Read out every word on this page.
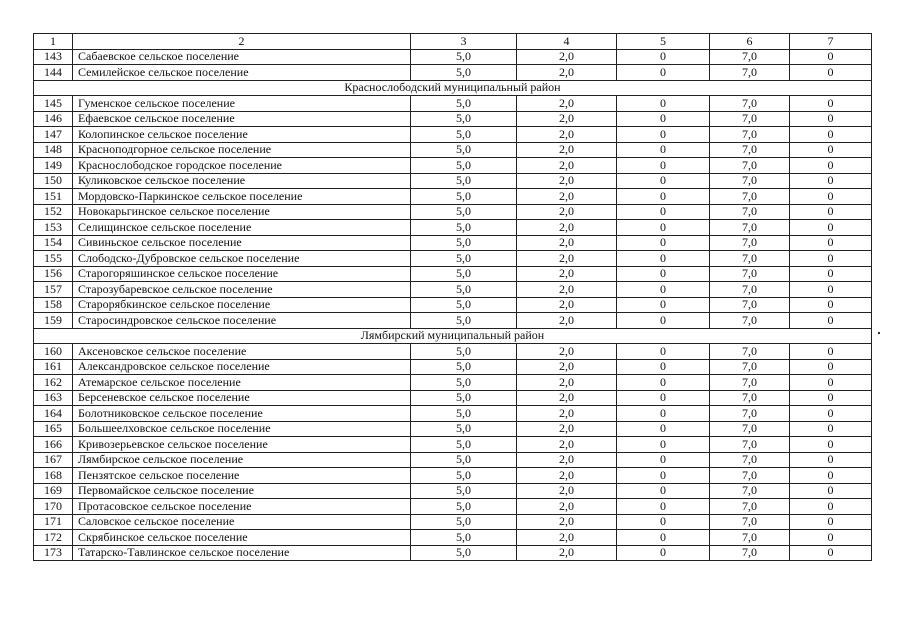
1	2	3	4	5	6	7
143	Сабаевское сельское поселение	5,0	2,0	0	7,0	0
144	Семилейское сельское поселение	5,0	2,0	0	7,0	0
Краснослободский муниципальный район						
145	Гуменское сельское поселение	5,0	2,0	0	7,0	0
146	Ефаевское сельское поселение	5,0	2,0	0	7,0	0
147	Колопинское сельское поселение	5,0	2,0	0	7,0	0
148	Красноподгорное сельское поселение	5,0	2,0	0	7,0	0
149	Краснослободское городское поселение	5,0	2,0	0	7,0	0
150	Куликовское сельское поселение	5,0	2,0	0	7,0	0
151	Мордовско-Паркинское сельское поселение	5,0	2,0	0	7,0	0
152	Новокарьгинское сельское поселение	5,0	2,0	0	7,0	0
153	Селищинское сельское поселение	5,0	2,0	0	7,0	0
154	Сивиньское сельское поселение	5,0	2,0	0	7,0	0
155	Слободско-Дубровское сельское поселение	5,0	2,0	0	7,0	0
156	Старогоряшинское сельское поселение	5,0	2,0	0	7,0	0
157	Старозубаревское сельское поселение	5,0	2,0	0	7,0	0
158	Старорябкинское сельское поселение	5,0	2,0	0	7,0	0
159	Старосиндровское сельское поселение	5,0	2,0	0	7,0	0
Лямбирский муниципальный район						
160	Аксеновское сельское поселение	5,0	2,0	0	7,0	0
161	Александровское сельское поселение	5,0	2,0	0	7,0	0
162	Атемарское сельское поселение	5,0	2,0	0	7,0	0
163	Берсеневское сельское поселение	5,0	2,0	0	7,0	0
164	Болотниковское сельское поселение	5,0	2,0	0	7,0	0
165	Большеелховское сельское поселение	5,0	2,0	0	7,0	0
166	Кривозерьевское сельское поселение	5,0	2,0	0	7,0	0
167	Лямбирское сельское поселение	5,0	2,0	0	7,0	0
168	Пензятское сельское поселение	5,0	2,0	0	7,0	0
169	Первомайское сельское поселение	5,0	2,0	0	7,0	0
170	Протасовское сельское поселение	5,0	2,0	0	7,0	0
171	Саловское сельское поселение	5,0	2,0	0	7,0	0
172	Скрябинское сельское поселение	5,0	2,0	0	7,0	0
173	Татарско-Тавлинское сельское поселение	5,0	2,0	0	7,0	0
